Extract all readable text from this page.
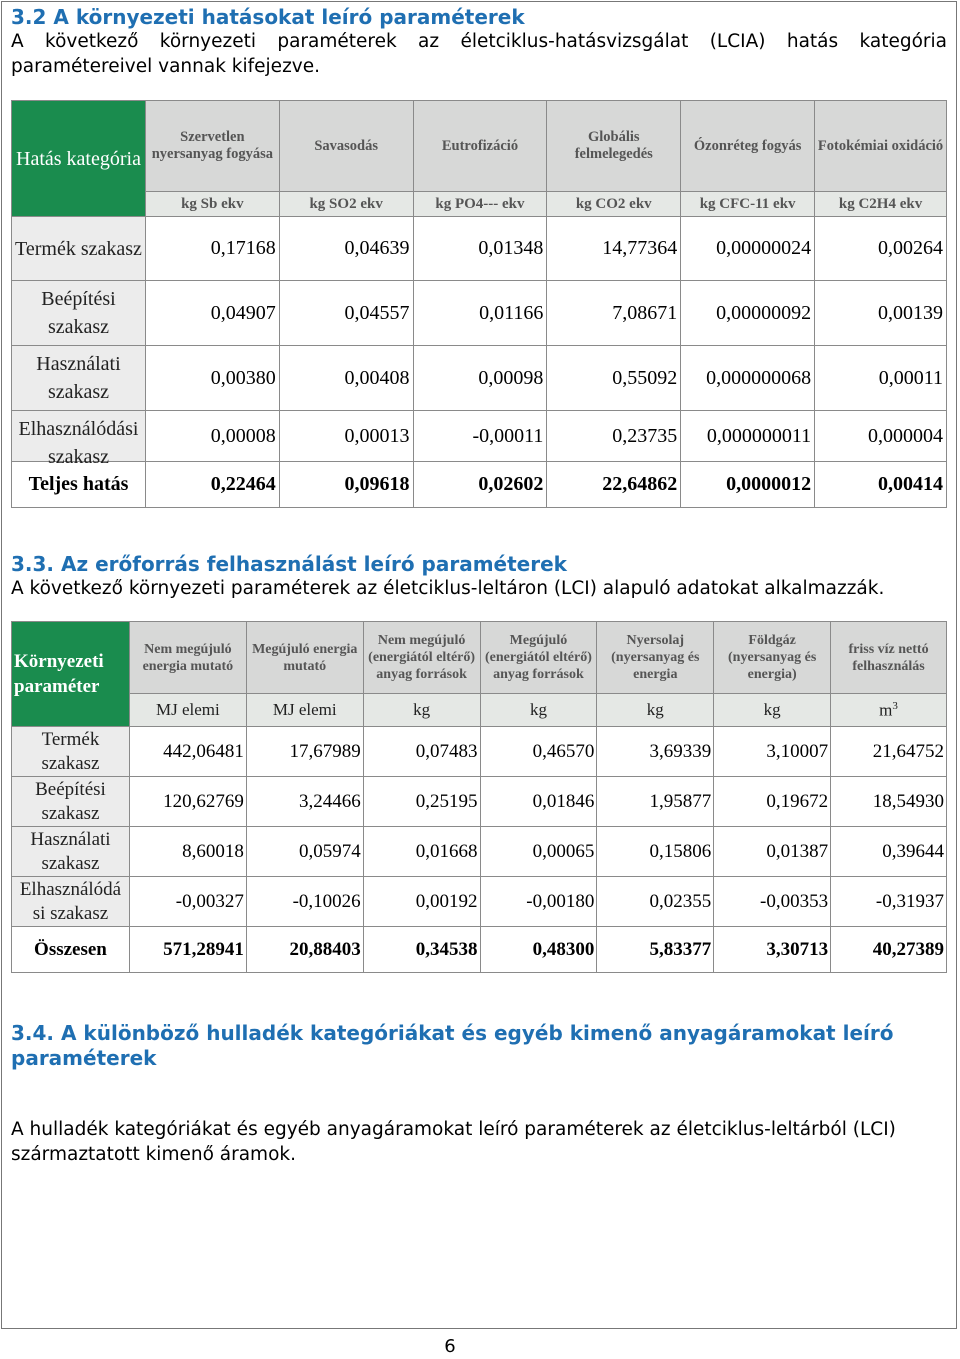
3.2 A környezeti hatásokat leíró paraméterek
A következő környezeti paraméterek az életciklus-hatásvizsgálat (LCIA) hatás kategória paramétereivel vannak kifejezve.
Hatás kategória	Szervetlen nyersanyag fogyása	Savasodás	Eutrofizáció	Globális felmelegedés	Ózonréteg fogyás	Fotokémiai oxidáció
	kg Sb ekv	kg SO2 ekv	kg PO4--- ekv	kg CO2 ekv	kg CFC-11 ekv	kg C2H4 ekv
Termék szakasz	0,17168	0,04639	0,01348	14,77364	0,00000024	0,00264
Beépítési szakasz	0,04907	0,04557	0,01166	7,08671	0,00000092	0,00139
Használati szakasz	0,00380	0,00408	0,00098	0,55092	0,000000068	0,00011

Elhasználódási szakasz	0,00008	0,00013	-0,00011	0,23735	0,000000011	0,000004
Teljes hatás	0,22464	0,09618	0,02602	22,64862	0,0000012	0,00414
3.3. Az erőforrás felhasználást leíró paraméterek
A következő környezeti paraméterek az életciklus-leltáron (LCI) alapuló adatokat alkalmazzák.
Környezeti paraméter	Nem megújuló energia mutató	Megújuló energia mutató	Nem megújuló (energiától eltérő) anyag források	Megújuló (energiától eltérő) anyag források	Nyersolaj (nyersanyag és energia	Földgáz (nyersanyag és energia)	friss víz nettó felhasználás
	MJ elemi	MJ elemi	kg	kg	kg	kg	$m^3$
Termék szakasz	442,06481	17,67989	0,07483	0,46570	3,69339	3,10007	21,64752
Beépítési szakasz	120,62769	3,24466	0,25195	0,01846	1,95877	0,19672	18,54930
Használati szakasz	8,60018	0,05974	0,01668	0,00065	0,15806	0,01387	0,39644
Elhasználódá si szakasz	-0,00327	-0,10026	0,00192	-0,00180	0,02355	-0,00353	-0,31937
Összesen	571,28941	20,88403	0,34538	0,48300	5,83377	3,30713	40,27389
3.4. A különböző hulladék kategóriákat és egyéb kimenő anyagáramokat leíró paraméterek
A hulladék kategóriákat és egyéb anyagáramokat leíró paraméterek az életciklus-leltárból (LCI) származtatott kimenő áramok.
6
